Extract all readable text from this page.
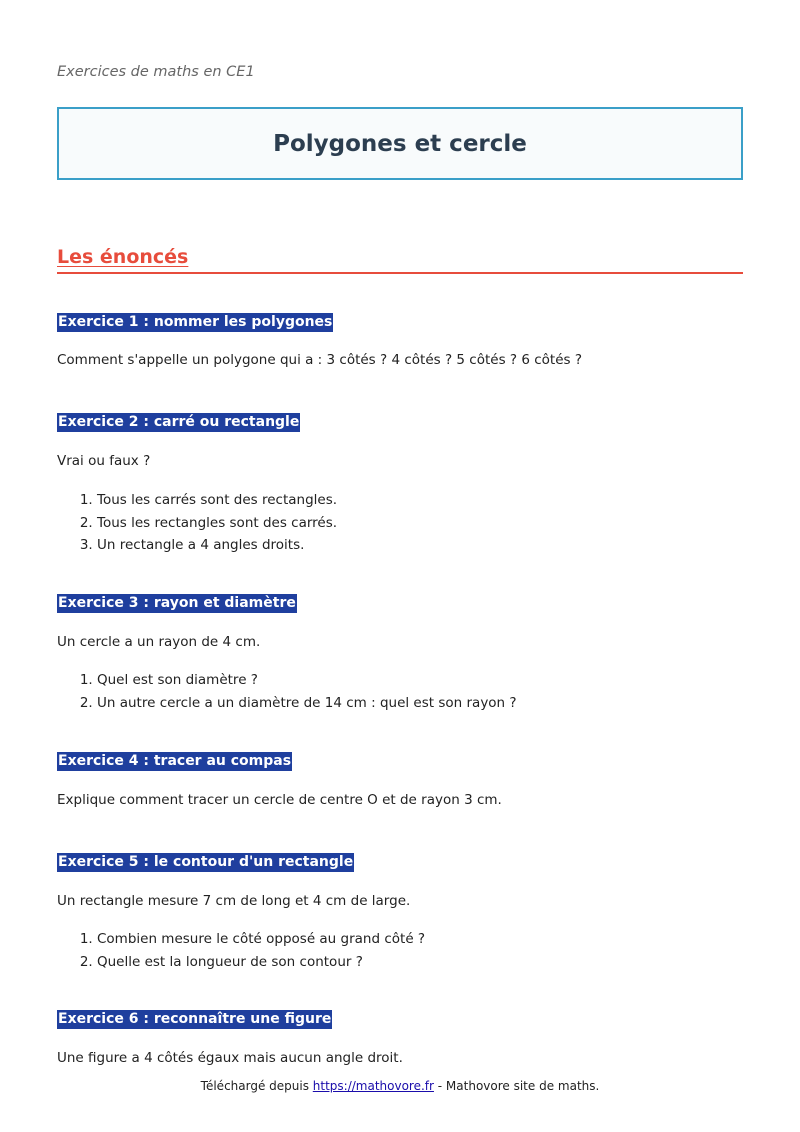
Exercices de maths en CE1
Polygones et cercle
Les énoncés
Exercice 1 : nommer les polygones

Comment s'appelle un polygone qui a : 3 côtés ? 4 côtés ? 5 côtés ? 6 côtés ?

Exercice 2 : carré ou rectangle

Vrai ou faux ?

1. Tous les carrés sont des rectangles.
2. Tous les rectangles sont des carrés.
3. Un rectangle a 4 angles droits.
Exercice 3 : rayon et diamètre

Un cercle a un rayon de 4 cm.

1. Quel est son diamètre ?
2. Un autre cercle a un diamètre de 14 cm : quel est son rayon ?
Exercice 4 : tracer au compas

Explique comment tracer un cercle de centre O et de rayon 3 cm.

Exercice 5 : le contour d'un rectangle

Un rectangle mesure 7 cm de long et 4 cm de large.

1. Combien mesure le côté opposé au grand côté ?
2. Quelle est la longueur de son contour ?
Exercice 6 : reconnaître une figure

Une figure a 4 côtés égaux mais aucun angle droit.

Téléchargé depuis https://mathovore.fr - Mathovore site de maths.
